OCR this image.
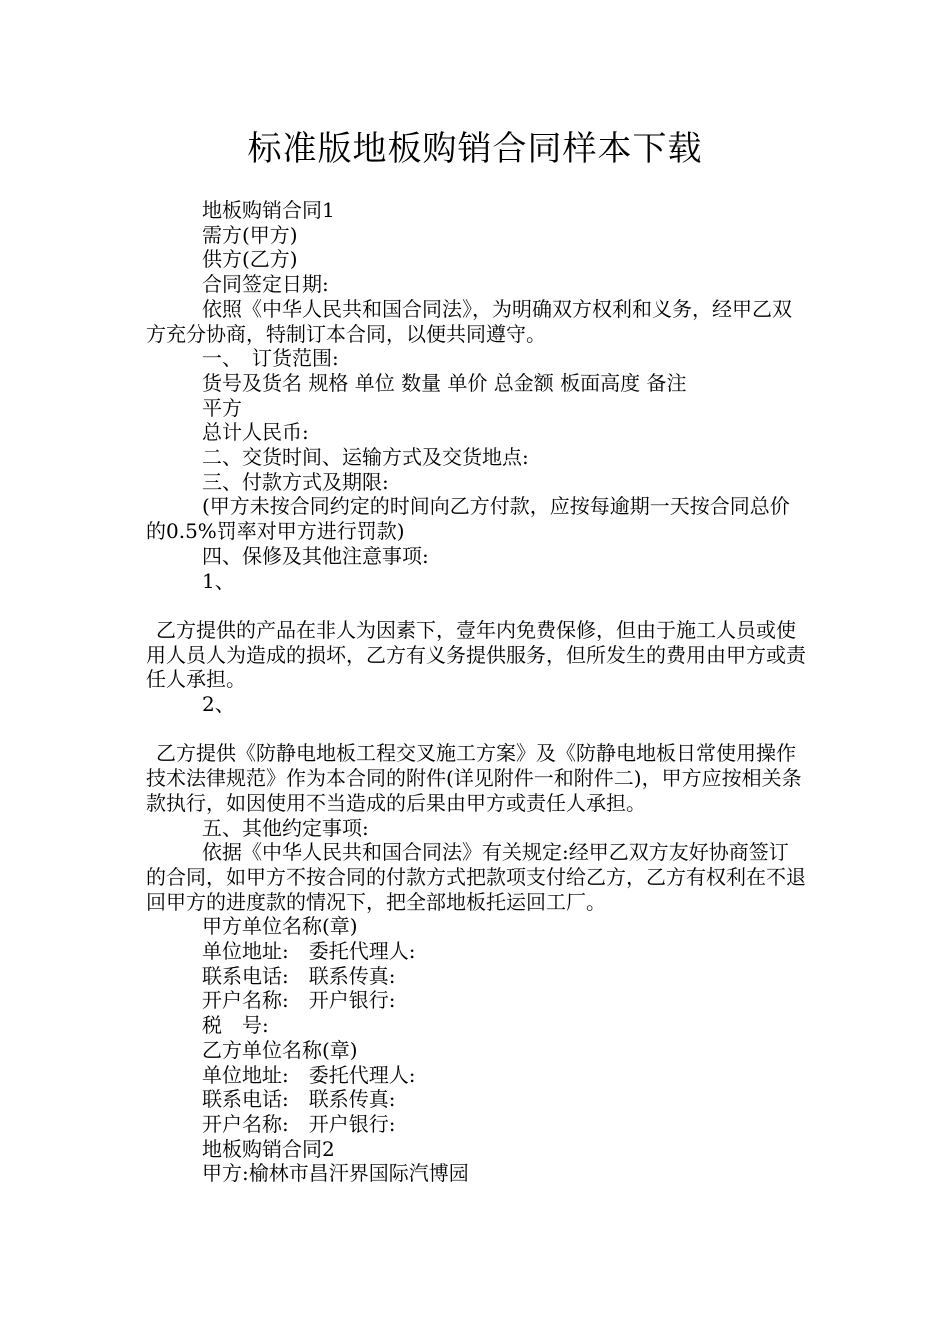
标准版地板购销合同样本下载

地板购销合同1

需方(甲方)

供方(乙方)

合同签定日期:

依照《中华人民共和国合同法》，为明确双方权利和义务，经甲乙双方充分协商，特制订本合同，以便共同遵守。

一、　订货范围:

货号及货名 规格 单位 数量 单价 总金额 板面高度 备注

平方

总计人民币:

二、交货时间、运输方式及交货地点:

三、付款方式及期限:

(甲方未按合同约定的时间向乙方付款，应按每逾期一天按合同总价的0.5%罚率对甲方进行罚款)

四、保修及其他注意事项:

1、

乙方提供的产品在非人为因素下，壹年内免费保修，但由于施工人员或使用人员人为造成的损坏，乙方有义务提供服务，但所发生的费用由甲方或责任人承担。

2、

乙方提供《防静电地板工程交叉施工方案》及《防静电地板日常使用操作技术法律规范》作为本合同的附件(详见附件一和附件二)，甲方应按相关条款执行，如因使用不当造成的后果由甲方或责任人承担。

五、其他约定事项:

依据《中华人民共和国合同法》有关规定:经甲乙双方友好协商签订的合同，如甲方不按合同的付款方式把款项支付给乙方，乙方有权利在不退回甲方的进度款的情况下，把全部地板托运回工厂。

甲方单位名称(章)

单位地址:　委托代理人:

联系电话:　联系传真:

开户名称:　开户银行:

税　号:

乙方单位名称(章)

单位地址:　委托代理人:

联系电话:　联系传真:

开户名称:　开户银行:

地板购销合同2

甲方:榆林市昌汗界国际汽博园
